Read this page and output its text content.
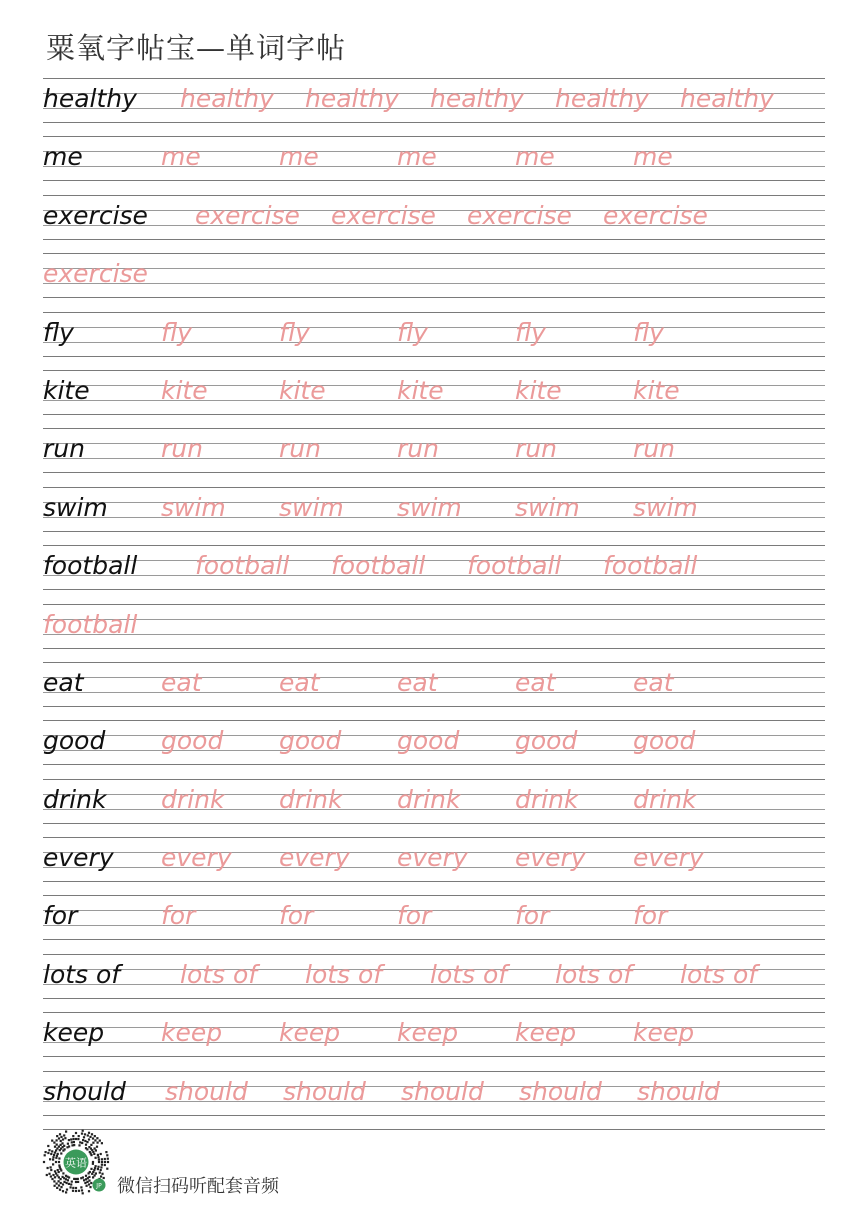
粟氧字帖宝—单词字帖
healthy healthy healthy healthy healthy healthy
me	me	me	me	me	me
exercise exercise exercise exercise exercise
exercise
fly	fly	fly	fly	fly	fly
kite	kite	kite	kite	kite	kite
run	run	run	run	run	run
swim swim swim swim swim swim
football football football football football
football
eat	eat	eat	eat	eat	eat
good good good good good good
drink drink drink drink drink drink
every every every every every every
for	for	for	for	for	for
lots of lots of lots of lots of lots of lots of
keep keep keep keep keep keep
should should should should should should
英语
JP 微信扫码听配套音频
